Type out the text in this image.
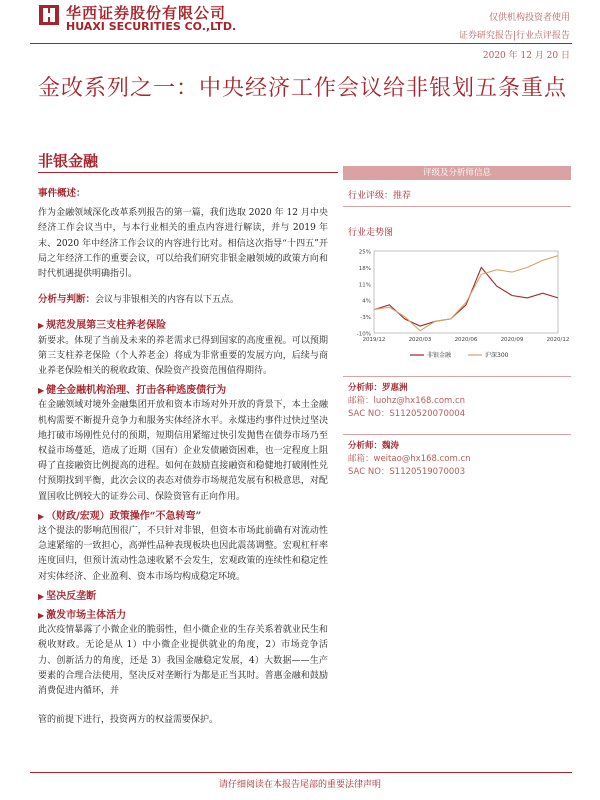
华西证券股份有限公司
HUAXI SECURITIES CO.,LTD.
仅供机构投资者使用
证券研究报告|行业点评报告
2020 年 12 月 20 日
金改系列之一：中央经济工作会议给非银划五条重点
非银金融

事件概述：

作为金融领域深化改革系列报告的第一篇，我们选取 2020 年 12 月中央经济工作会议当中，与本行业相关的重点内容进行解读，并与 2019 年末、2020 年中经济工作会议的内容进行比对。相信这次指导“十四五”开局之年经济工作的重要会议，可以给我们研究非银金融领域的政策方向和时代机遇提供明确指引。

分析与判断：会议与非银相关的内容有以下五点。

▶ 规范发展第三支柱养老保险

新要求。体现了当前及未来的养老需求已得到国家的高度重视。可以预期第三支柱养老保险（个人养老金）将成为非常重要的发展方向，后续与商业养老保险相关的税收政策、保险资产投资范围值得期待。

▶ 健全金融机构治理、打击各种逃废债行为

在金融领域对境外金融集团开放和资本市场对外开放的背景下，本土金融机构需要不断提升竞争力和服务实体经济水平。永煤违约事件过快过坚决地打破市场刚性兑付的预期，短期信用紧缩过快引发抛售在债券市场乃至权益市场蔓延，造成了近期（国有）企业发债融资困难，也一定程度上阻碍了直接融资比例提高的进程。如何在鼓励直接融资和稳健地打破刚性兑付预期找到平衡，此次会议的表态对债券市场规范发展有积极意思，对配置国收比例较大的证券公司、保险资管有正向作用。

▶ （财政/宏观）政策操作“不急转弯”

这个提法的影响范围很广，不只针对非银，但资本市场此前确有对流动性急速紧缩的一致担心，高弹性品种表现板块也因此震荡调整。宏观杠杆率连度回归，但预计流动性急速收紧不会发生，宏观政策的连续性和稳定性对实体经济、企业盈利、资本市场均构成稳定环境。

▶ 坚决反垄断

▶ 激发市场主体活力

此次疫情暴露了小微企业的脆弱性，但小微企业的生存关系着就业民生和税收财政。无论是从 1）中小微企业提供就业的角度，2）市场竞争活力、创新活力的角度，还是 3）我国金融稳定发展，4）大数据——生产要素的合理合法使用，坚决反对垄断行为都是正当其时。普惠金融和鼓励消费促进内循环，并

管的前提下进行，投资两方的权益需要保护。

评级及分析师信息
行业评级：推荐
行业走势图
-10%
-3%
4%
11%
18%
25%
2019/12	2020/03	2020/06	2020/09	2020/12
非银金融	沪深300
分析师：罗惠洲
邮箱：luohz@hx168.com.cn
SAC NO：S1120520070004
分析师：魏涛
邮箱：weitao@hx168.com.cn
SAC NO：S1120519070003
请仔细阅读在本报告尾部的重要法律声明
